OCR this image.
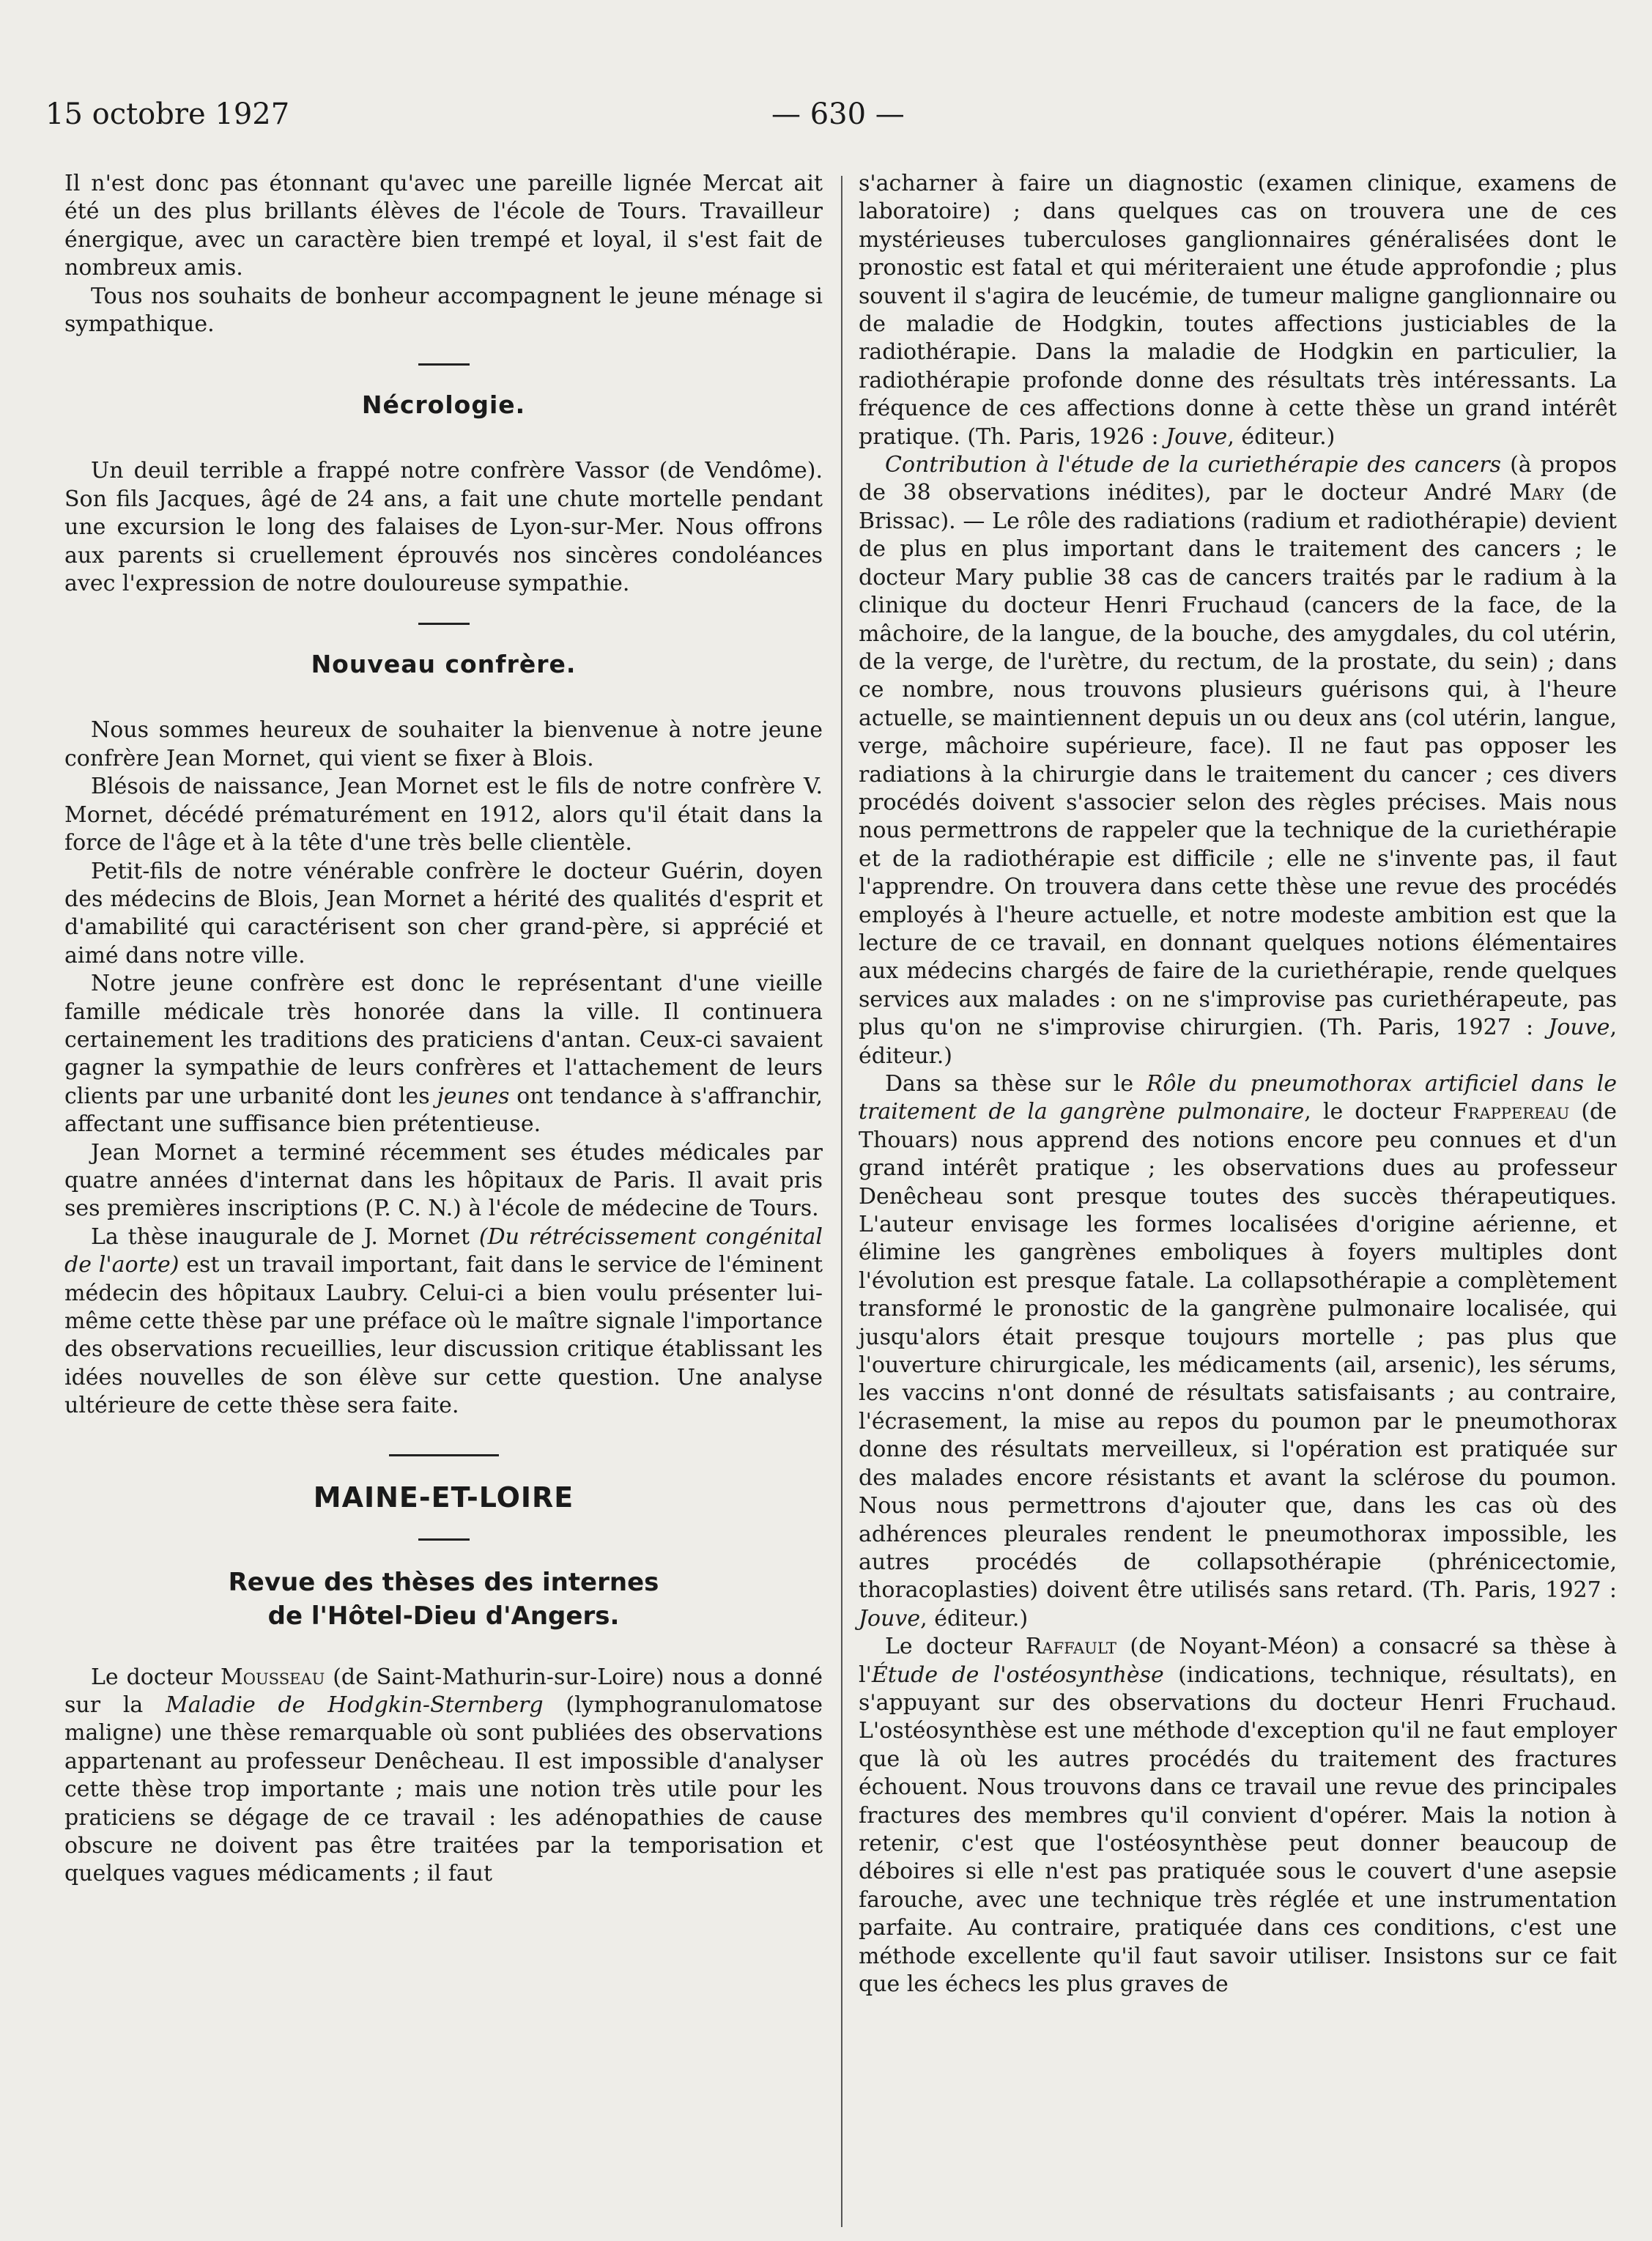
15 octobre 1927	— 630 —

Il n'est donc pas étonnant qu'avec une pareille lignée Mercat ait été un des plus brillants élèves de l'école de Tours. Travailleur énergique, avec un caractère bien trempé et loyal, il s'est fait de nombreux amis.

Tous nos souhaits de bonheur accompagnent le jeune ménage si sympathique.

Nécrologie.

Un deuil terrible a frappé notre confrère Vassor (de Vendôme). Son fils Jacques, âgé de 24 ans, a fait une chute mortelle pendant une excursion le long des falaises de Lyon-sur-Mer. Nous offrons aux parents si cruellement éprouvés nos sincères condoléances avec l'expression de notre douloureuse sympathie.

Nouveau confrère.

Nous sommes heureux de souhaiter la bienvenue à notre jeune confrère Jean Mornet, qui vient se fixer à Blois.

Blésois de naissance, Jean Mornet est le fils de notre confrère V. Mornet, décédé prématurément en 1912, alors qu'il était dans la force de l'âge et à la tête d'une très belle clientèle.

Petit-fils de notre vénérable confrère le docteur Guérin, doyen des médecins de Blois, Jean Mornet a hérité des qualités d'esprit et d'amabilité qui caractérisent son cher grand-père, si apprécié et aimé dans notre ville.

Notre jeune confrère est donc le représentant d'une vieille famille médicale très honorée dans la ville. Il continuera certainement les traditions des praticiens d'antan. Ceux-ci savaient gagner la sympathie de leurs confrères et l'attachement de leurs clients par une urbanité dont les jeunes ont tendance à s'affranchir, affectant une suffisance bien prétentieuse.

Jean Mornet a terminé récemment ses études médicales par quatre années d'internat dans les hôpitaux de Paris. Il avait pris ses premières inscriptions (P. C. N.) à l'école de médecine de Tours.

La thèse inaugurale de J. Mornet (Du rétrécissement congénital de l'aorte) est un travail important, fait dans le service de l'éminent médecin des hôpitaux Laubry. Celui-ci a bien voulu présenter lui-même cette thèse par une préface où le maître signale l'importance des observations recueillies, leur discussion critique établissant les idées nouvelles de son élève sur cette question. Une analyse ultérieure de cette thèse sera faite.

MAINE-ET-LOIRE
Revue des thèses des internes
de l'Hôtel-Dieu d'Angers.

Le docteur Mousseau (de Saint-Mathurin-sur-Loire) nous a donné sur la Maladie de Hodgkin-Sternberg (lymphogranulomatose maligne) une thèse remarquable où sont publiées des observations appartenant au professeur Denêcheau. Il est impossible d'analyser cette thèse trop importante ; mais une notion très utile pour les praticiens se dégage de ce travail : les adénopathies de cause obscure ne doivent pas être traitées par la temporisation et quelques vagues médicaments ; il faut

s'acharner à faire un diagnostic (examen clinique, examens de laboratoire) ; dans quelques cas on trouvera une de ces mystérieuses tuberculoses ganglionnaires généralisées dont le pronostic est fatal et qui mériteraient une étude approfondie ; plus souvent il s'agira de leucémie, de tumeur maligne ganglionnaire ou de maladie de Hodgkin, toutes affections justiciables de la radiothérapie. Dans la maladie de Hodgkin en particulier, la radiothérapie profonde donne des résultats très intéressants. La fréquence de ces affections donne à cette thèse un grand intérêt pratique. (Th. Paris, 1926 : Jouve, éditeur.)

Contribution à l'étude de la curiethérapie des cancers (à propos de 38 observations inédites), par le docteur André Mary (de Brissac). — Le rôle des radiations (radium et radiothérapie) devient de plus en plus important dans le traitement des cancers ; le docteur Mary publie 38 cas de cancers traités par le radium à la clinique du docteur Henri Fruchaud (cancers de la face, de la mâchoire, de la langue, de la bouche, des amygdales, du col utérin, de la verge, de l'urètre, du rectum, de la prostate, du sein) ; dans ce nombre, nous trouvons plusieurs guérisons qui, à l'heure actuelle, se maintiennent depuis un ou deux ans (col utérin, langue, verge, mâchoire supérieure, face). Il ne faut pas opposer les radiations à la chirurgie dans le traitement du cancer ; ces divers procédés doivent s'associer selon des règles précises. Mais nous nous permettrons de rappeler que la technique de la curiethérapie et de la radiothérapie est difficile ; elle ne s'invente pas, il faut l'apprendre. On trouvera dans cette thèse une revue des procédés employés à l'heure actuelle, et notre modeste ambition est que la lecture de ce travail, en donnant quelques notions élémentaires aux médecins chargés de faire de la curiethérapie, rende quelques services aux malades : on ne s'improvise pas curiethérapeute, pas plus qu'on ne s'improvise chirurgien. (Th. Paris, 1927 : Jouve, éditeur.)

Dans sa thèse sur le Rôle du pneumothorax artificiel dans le traitement de la gangrène pulmonaire, le docteur Frappereau (de Thouars) nous apprend des notions encore peu connues et d'un grand intérêt pratique ; les observations dues au professeur Denêcheau sont presque toutes des succès thérapeutiques. L'auteur envisage les formes localisées d'origine aérienne, et élimine les gangrènes emboliques à foyers multiples dont l'évolution est presque fatale. La collapsothérapie a complètement transformé le pronostic de la gangrène pulmonaire localisée, qui jusqu'alors était presque toujours mortelle ; pas plus que l'ouverture chirurgicale, les médicaments (ail, arsenic), les sérums, les vaccins n'ont donné de résultats satisfaisants ; au contraire, l'écrasement, la mise au repos du poumon par le pneumothorax donne des résultats merveilleux, si l'opération est pratiquée sur des malades encore résistants et avant la sclérose du poumon. Nous nous permettrons d'ajouter que, dans les cas où des adhérences pleurales rendent le pneumothorax impossible, les autres procédés de collapsothérapie (phrénicectomie, thoracoplasties) doivent être utilisés sans retard. (Th. Paris, 1927 : Jouve, éditeur.)

Le docteur Raffault (de Noyant-Méon) a consacré sa thèse à l'Étude de l'ostéosynthèse (indications, technique, résultats), en s'appuyant sur des observations du docteur Henri Fruchaud. L'ostéosynthèse est une méthode d'exception qu'il ne faut employer que là où les autres procédés du traitement des fractures échouent. Nous trouvons dans ce travail une revue des principales fractures des membres qu'il convient d'opérer. Mais la notion à retenir, c'est que l'ostéosynthèse peut donner beaucoup de déboires si elle n'est pas pratiquée sous le couvert d'une asepsie farouche, avec une technique très réglée et une instrumentation parfaite. Au contraire, pratiquée dans ces conditions, c'est une méthode excellente qu'il faut savoir utiliser. Insistons sur ce fait que les échecs les plus graves de
